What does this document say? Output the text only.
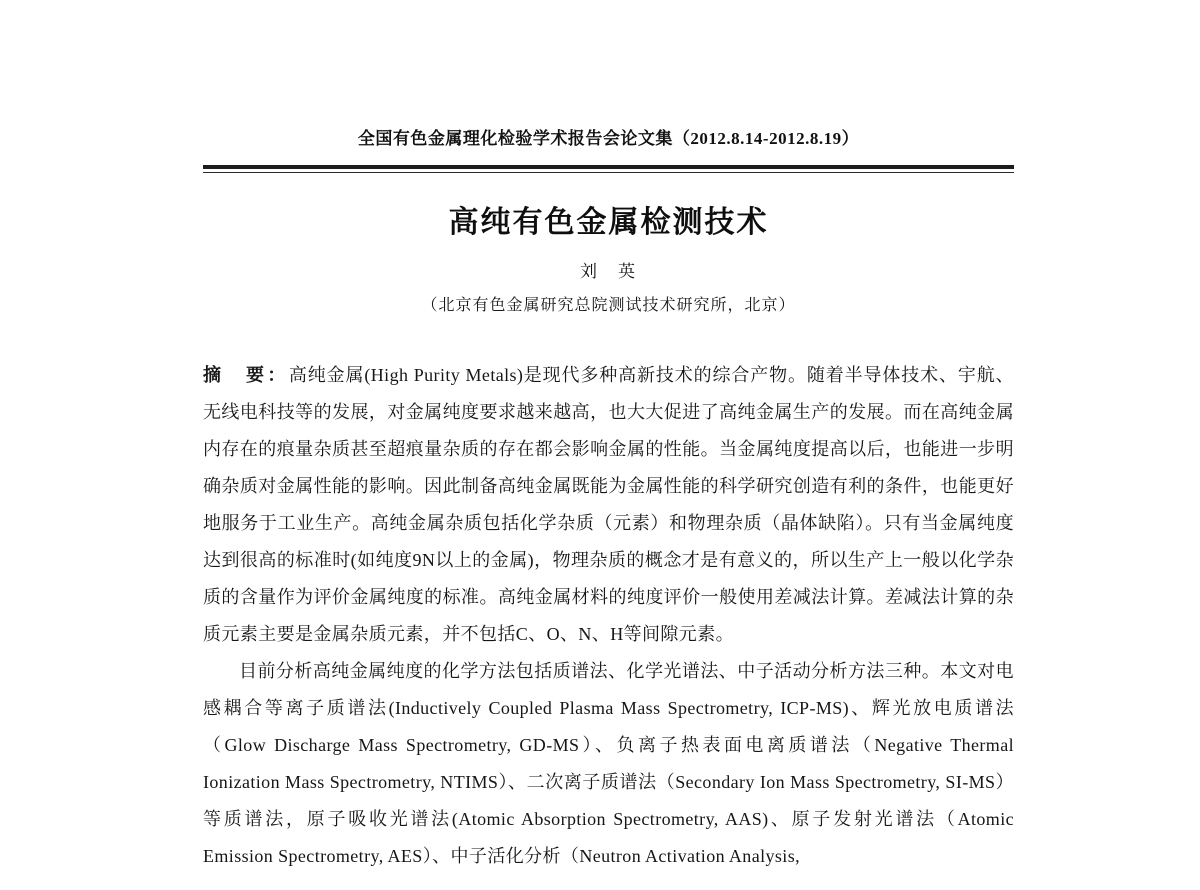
全国有色金属理化检验学术报告会论文集（2012.8.14-2012.8.19）
高纯有色金属检测技术
刘　英
（北京有色金属研究总院测试技术研究所，北京）

摘　要：高纯金属(High Purity Metals)是现代多种高新技术的综合产物。随着半导体技术、宇航、无线电科技等的发展，对金属纯度要求越来越高，也大大促进了高纯金属生产的发展。而在高纯金属内存在的痕量杂质甚至超痕量杂质的存在都会影响金属的性能。当金属纯度提高以后，也能进一步明确杂质对金属性能的影响。因此制备高纯金属既能为金属性能的科学研究创造有利的条件，也能更好地服务于工业生产。高纯金属杂质包括化学杂质（元素）和物理杂质（晶体缺陷）。只有当金属纯度达到很高的标准时(如纯度9N以上的金属)，物理杂质的概念才是有意义的，所以生产上一般以化学杂质的含量作为评价金属纯度的标准。高纯金属材料的纯度评价一般使用差减法计算。差减法计算的杂质元素主要是金属杂质元素，并不包括C、O、N、H等间隙元素。

目前分析高纯金属纯度的化学方法包括质谱法、化学光谱法、中子活动分析方法三种。本文对电感耦合等离子质谱法(Inductively Coupled Plasma Mass Spectrometry, ICP-MS)、辉光放电质谱法（Glow Discharge Mass Spectrometry, GD-MS）、负离子热表面电离质谱法（Negative Thermal Ionization Mass Spectrometry, NTIMS）、二次离子质谱法（Secondary Ion Mass Spectrometry, SI-MS）等质谱法，原子吸收光谱法(Atomic Absorption Spectrometry, AAS)、原子发射光谱法（Atomic Emission Spectrometry, AES）、中子活化分析（Neutron Activation Analysis,
